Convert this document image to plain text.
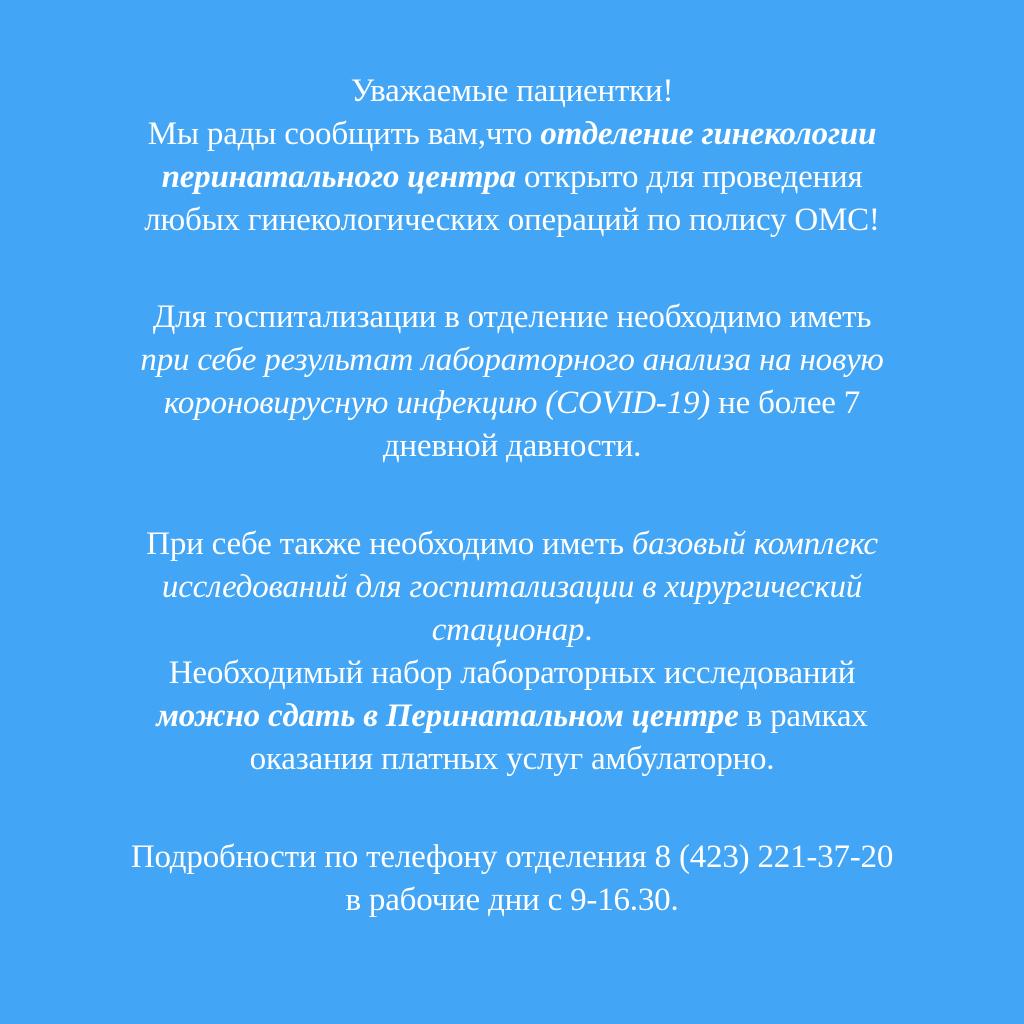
Уважаемые пациентки!
Мы рады сообщить вам,что отделение гинекологии
перинатального центра открыто для проведения
любых гинекологических операций по полису ОМС!
Для госпитализации в отделение необходимо иметь
при себе результат лабораторного анализа на новую
короновирусную инфекцию (COVID-19) не более 7
дневной давности.
При себе также необходимо иметь базовый комплекс
исследований для госпитализации в хирургический
стационар.
Необходимый набор лабораторных исследований
можно сдать в Перинатальном центре в рамках
оказания платных услуг амбулаторно.
Подробности по телефону отделения 8 (423) 221-37-20
в рабочие дни с 9-16.30.
